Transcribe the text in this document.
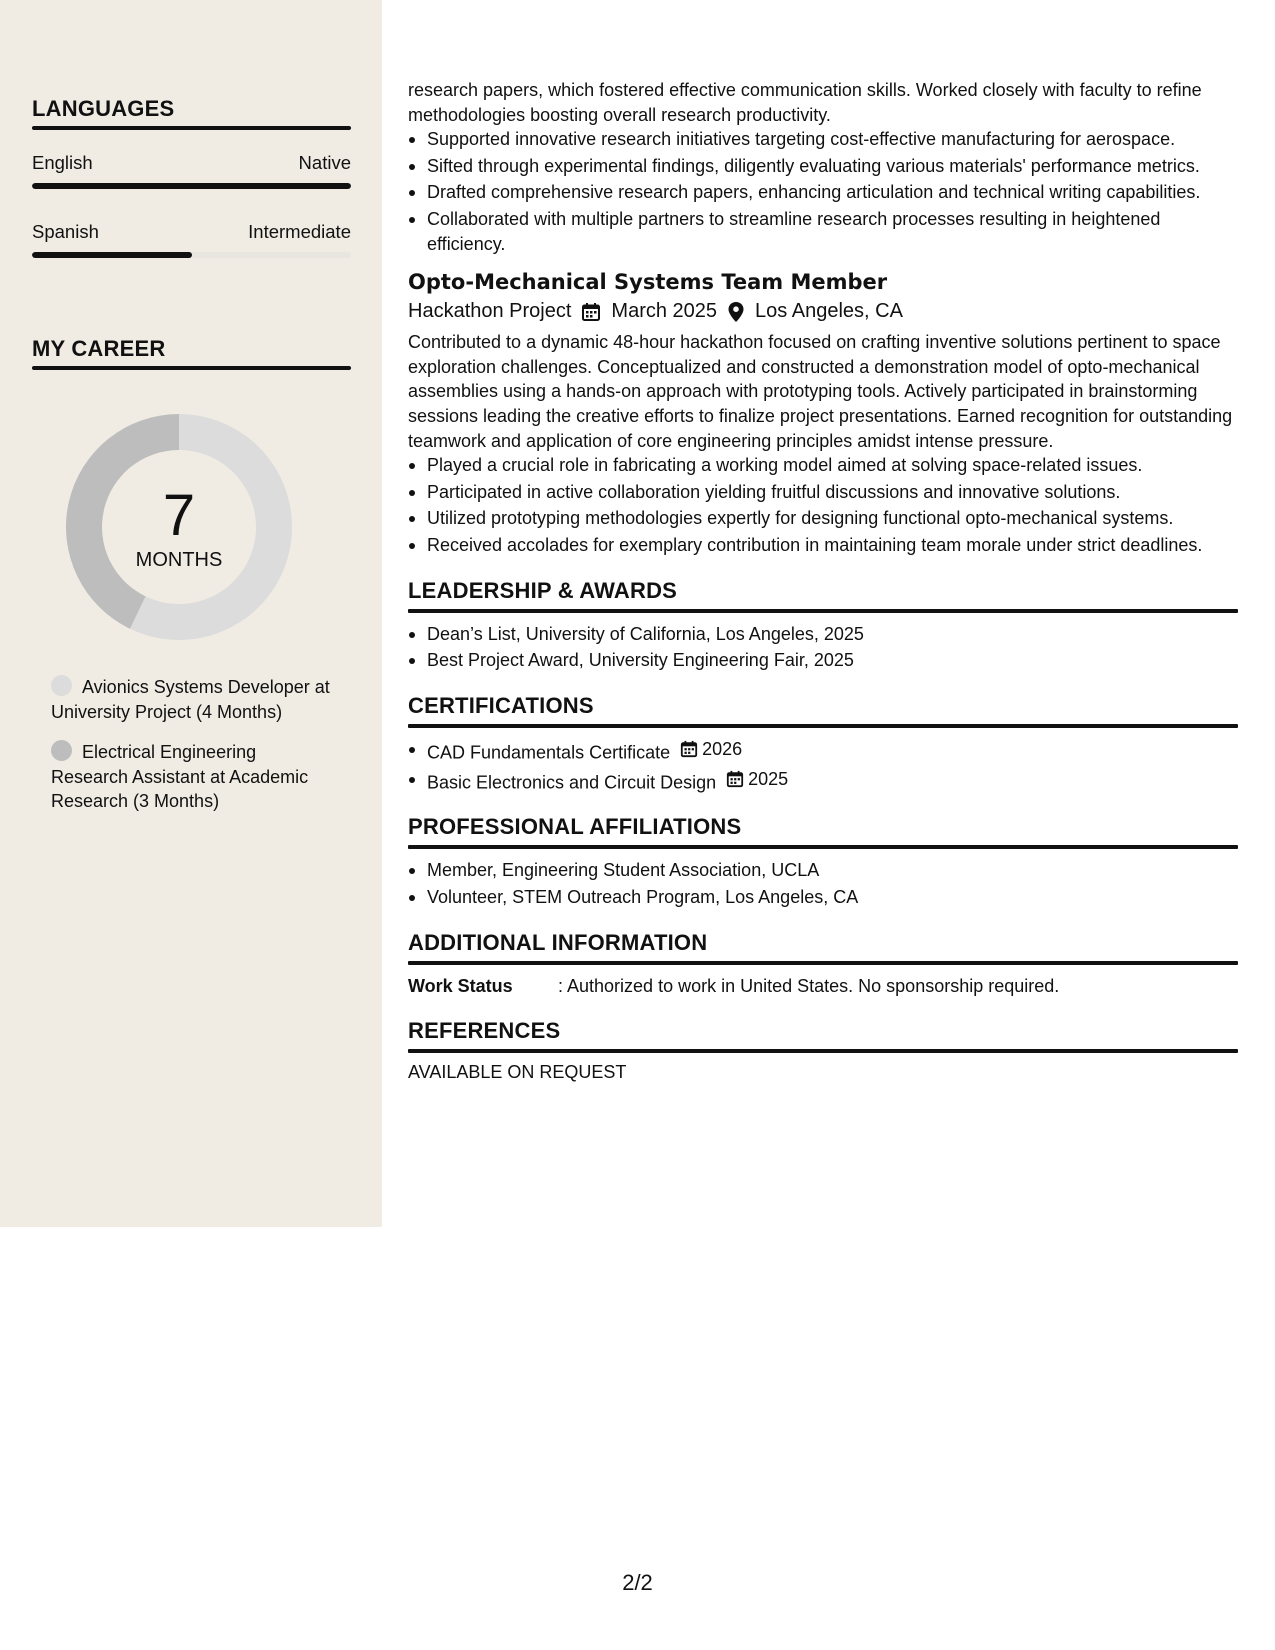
LANGUAGES
English	Native
Spanish	Intermediate
MY CAREER
7
MONTHS
Avionics Systems Developer at University Project (4 Months)
Electrical Engineering Research Assistant at Academic Research (3 Months)

research papers, which fostered effective communication skills. Worked closely with faculty to refine methodologies boosting overall research productivity.

Supported innovative research initiatives targeting cost-effective manufacturing for aerospace.
Sifted through experimental findings, diligently evaluating various materials' performance metrics.
Drafted comprehensive research papers, enhancing articulation and technical writing capabilities.
Collaborated with multiple partners to streamline research processes resulting in heightened efficiency.
Opto-Mechanical Systems Team Member
Hackathon Project March 2025 Los Angeles, CA

Contributed to a dynamic 48-hour hackathon focused on crafting inventive solutions pertinent to space exploration challenges. Conceptualized and constructed a demonstration model of opto-mechanical assemblies using a hands-on approach with prototyping tools. Actively participated in brainstorming sessions leading the creative efforts to finalize project presentations. Earned recognition for outstanding teamwork and application of core engineering principles amidst intense pressure.

Played a crucial role in fabricating a working model aimed at solving space-related issues.
Participated in active collaboration yielding fruitful discussions and innovative solutions.
Utilized prototyping methodologies expertly for designing functional opto-mechanical systems.
Received accolades for exemplary contribution in maintaining team morale under strict deadlines.
LEADERSHIP & AWARDS
Dean’s List, University of California, Los Angeles, 2025
Best Project Award, University Engineering Fair, 2025
CERTIFICATIONS
CAD Fundamentals Certificate 2026
Basic Electronics and Circuit Design 2025
PROFESSIONAL AFFILIATIONS
Member, Engineering Student Association, UCLA
Volunteer, STEM Outreach Program, Los Angeles, CA
ADDITIONAL INFORMATION
Work Status	: Authorized to work in United States. No sponsorship required.
REFERENCES
AVAILABLE ON REQUEST
2/2
